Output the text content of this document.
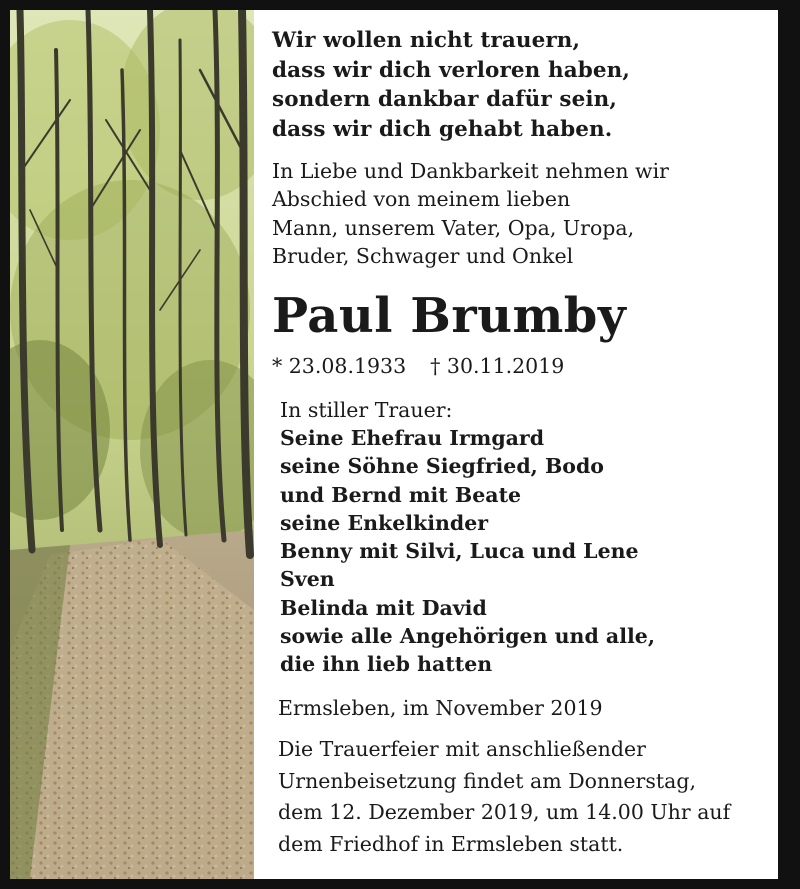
Wir wollen nicht trauern,
dass wir dich verloren haben,
sondern dankbar dafür sein,
dass wir dich gehabt haben.
In Liebe und Dankbarkeit nehmen wir
Abschied von meinem lieben
Mann, unserem Vater, Opa, Uropa,
Bruder, Schwager und Onkel
Paul Brumby
* 23.08.1933 † 30.11.2019
In stiller Trauer:
Seine Ehefrau Irmgard
seine Söhne Siegfried, Bodo
und Bernd mit Beate
seine Enkelkinder
Benny mit Silvi, Luca und Lene
Sven
Belinda mit David
sowie alle Angehörigen und alle,
die ihn lieb hatten
Ermsleben, im November 2019
Die Trauerfeier mit anschließender
Urnenbeisetzung findet am Donnerstag,
dem 12. Dezember 2019, um 14.00 Uhr auf
dem Friedhof in Ermsleben statt.
